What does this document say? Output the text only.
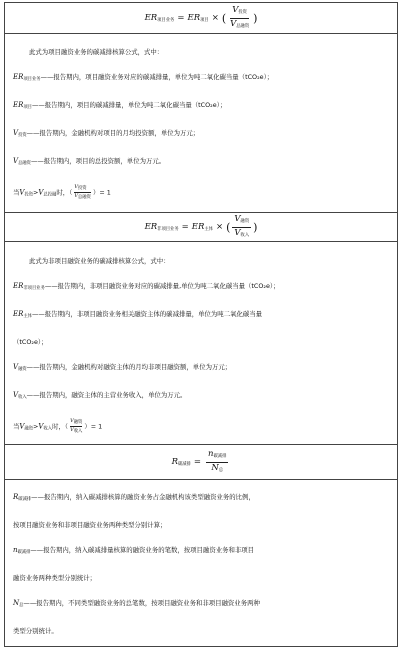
$ER_{项目业务} = ER_{项目}$ × ( $\frac{V_{投资}}{V_{总融资}}$ )

此式为项目融资业务的碳减排核算公式，式中：

$ER_{项目业务}——$报告期内，项目融资业务对应的碳减排量，单位为吨二氧化碳当量（tCO₂e）；

$ER_{项目}——$报告期内，项目的碳减排量，单位为吨二氧化碳当量（tCO₂e）；

$V_{投资}——$报告期内，金融机构对项目的月均投资额，单位为万元；

$V_{总融资}——$报告期内，项目的总投资额，单位为万元。

当$V_{投资}>V_{总投融}$时，（ $\frac{\text{V投资}}{\text{V总融资}}$ ）= 1

$ER_{非项目业务} = ER_{主体}$ × ( $\frac{V_{融资}}{V_{收入}}$ )

此式为非项目融资业务的碳减排核算公式，式中：

$ER_{非项目业务}——$报告期内，非项目融资业务对应的碳减排量,单位为吨二氧化碳当量（tCO₂e）；

$ER_{主体}——$报告期内，非项目融资业务相关融资主体的碳减排量，单位为吨二氧化碳当量

（tCO₂e）；

$V_{融资}——$报告期内，金融机构对融资主体的月均非项目融资额，单位为万元；

$V_{收入}——$报告期内，融资主体的主营业务收入，单位为万元。

当$V_{融资}>V_{收入}$时，（ $\frac{\text{V融资}}{\text{V收入}}$ ）= 1

$R_{碳减排} = \frac{n_{碳减排}}{N_总}$

$R_{碳减排}——$报告期内，纳入碳减排核算的融资业务占金融机构该类型融资业务的比例，

按项目融资业务和非项目融资业务两种类型分别计算；

$n_{碳减排}——$报告期内，纳入碳减排量核算的融资业务的笔数，按项目融资业务和非项目

融资业务两种类型分别统计；

$N_总——$报告期内，不同类型融资业务的总笔数，按项目融资业务和非项目融资业务两种

类型分别统计。
